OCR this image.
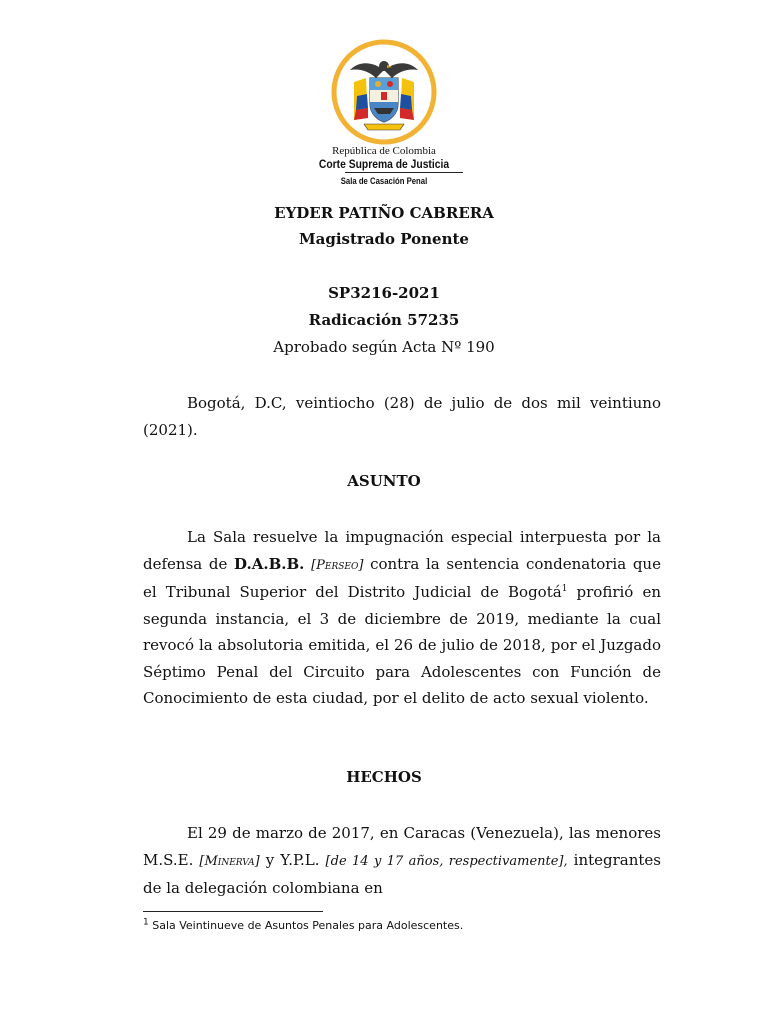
República de Colombia
Corte Suprema de Justicia
Sala de Casación Penal
EYDER PATIÑO CABRERA
Magistrado Ponente
SP3216-2021
Radicación 57235
Aprobado según Acta Nº 190

Bogotá, D.C, veintiocho (28) de julio de dos mil veintiuno (2021).

ASUNTO

La Sala resuelve la impugnación especial interpuesta por la defensa de D.A.B.B. [Perseo] contra la sentencia condenatoria que el Tribunal Superior del Distrito Judicial de Bogotá$^1$ profirió en segunda instancia, el 3 de diciembre de 2019, mediante la cual revocó la absolutoria emitida, el 26 de julio de 2018, por el Juzgado Séptimo Penal del Circuito para Adolescentes con Función de Conocimiento de esta ciudad, por el delito de acto sexual violento.

HECHOS

El 29 de marzo de 2017, en Caracas (Venezuela), las menores M.S.E. [Minerva] y Y.P.L. [de 14 y 17 años, respectivamente], integrantes de la delegación colombiana en

$^1$ Sala Veintinueve de Asuntos Penales para Adolescentes.
